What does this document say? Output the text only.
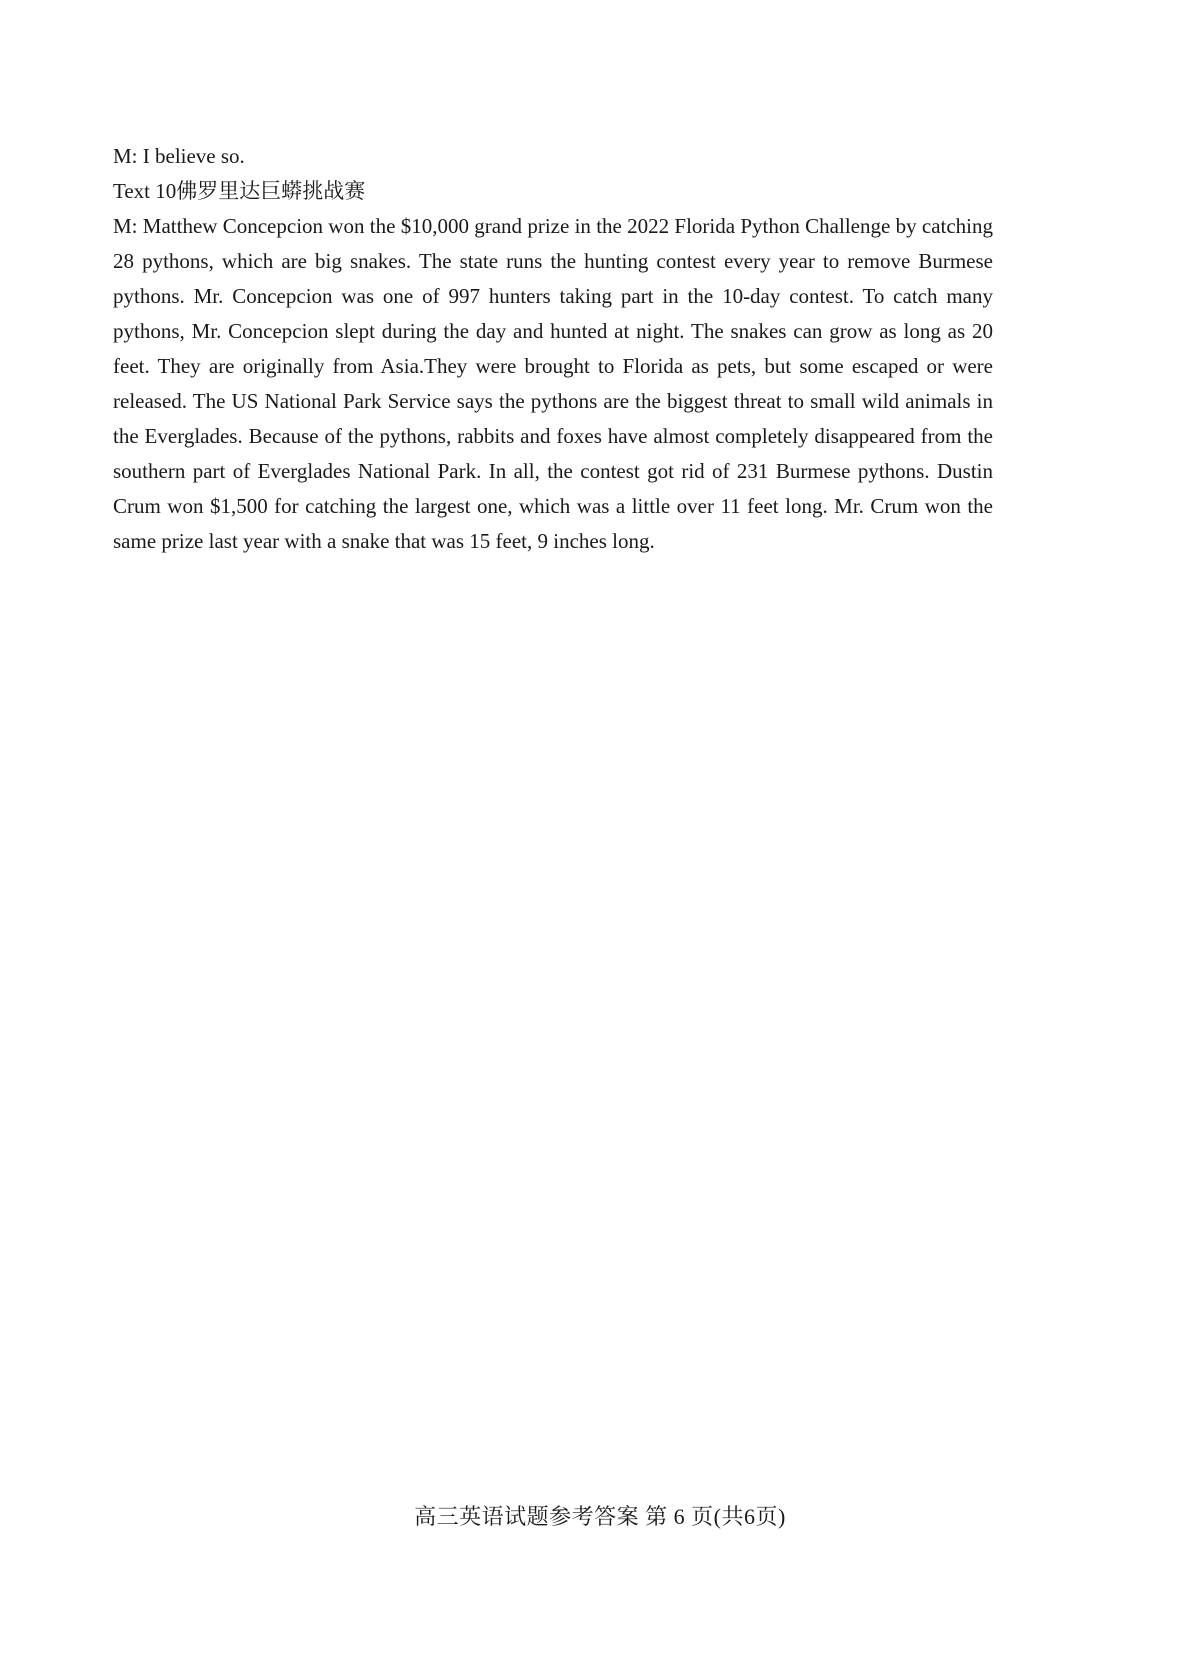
M: I believe so.
Text 10佛罗里达巨蟒挑战赛

M: Matthew Concepcion won the $10,000 grand prize in the 2022 Florida Python Challenge by catching 28 pythons, which are big snakes. The state runs the hunting contest every year to remove Burmese pythons. Mr. Concepcion was one of 997 hunters taking part in the 10-day contest. To catch many pythons, Mr. Concepcion slept during the day and hunted at night. The snakes can grow as long as 20 feet. They are originally from Asia.They were brought to Florida as pets, but some escaped or were released. The US National Park Service says the pythons are the biggest threat to small wild animals in the Everglades. Because of the pythons, rabbits and foxes have almost completely disappeared from the southern part of Everglades National Park. In all, the contest got rid of 231 Burmese pythons. Dustin Crum won $1,500 for catching the largest one, which was a little over 11 feet long. Mr. Crum won the same prize last year with a snake that was 15 feet, 9 inches long.

高三英语试题参考答案 第 6 页(共6页)
